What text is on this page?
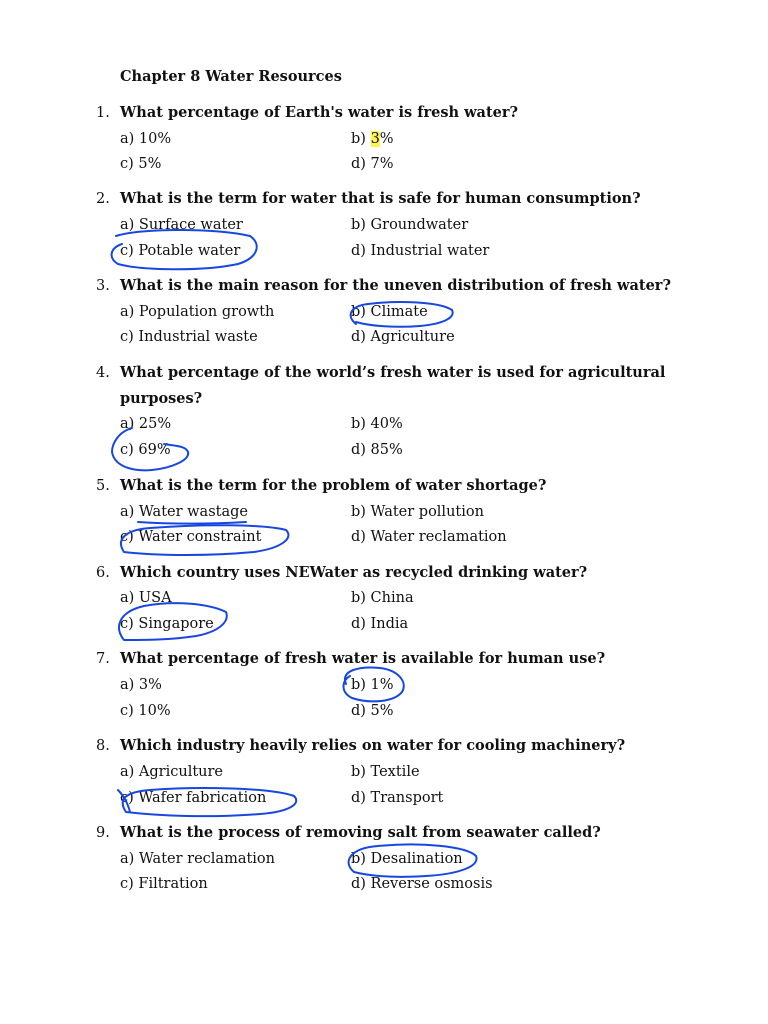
Chapter 8 Water Resources
1. What percentage of Earth's water is fresh water?
a) 10%	b) 3%
c) 5%	d) 7%
2. What is the term for water that is safe for human consumption?
a) Surface water	b) Groundwater
c) Potable water	d) Industrial water
3. What is the main reason for the uneven distribution of fresh water?
a) Population growth	b) Climate
c) Industrial waste	d) Agriculture
4. What percentage of the world’s fresh water is used for agricultural purposes?
a) 25%	b) 40%
c) 69%	d) 85%
5. What is the term for the problem of water shortage?
a) Water wastage	b) Water pollution
c) Water constraint	d) Water reclamation
6. Which country uses NEWater as recycled drinking water?
a) USA	b) China
c) Singapore	d) India
7. What percentage of fresh water is available for human use?
a) 3%	b) 1%
c) 10%	d) 5%
8. Which industry heavily relies on water for cooling machinery?
a) Agriculture	b) Textile
c) Wafer fabrication	d) Transport
9. What is the process of removing salt from seawater called?
a) Water reclamation	b) Desalination
c) Filtration	d) Reverse osmosis
